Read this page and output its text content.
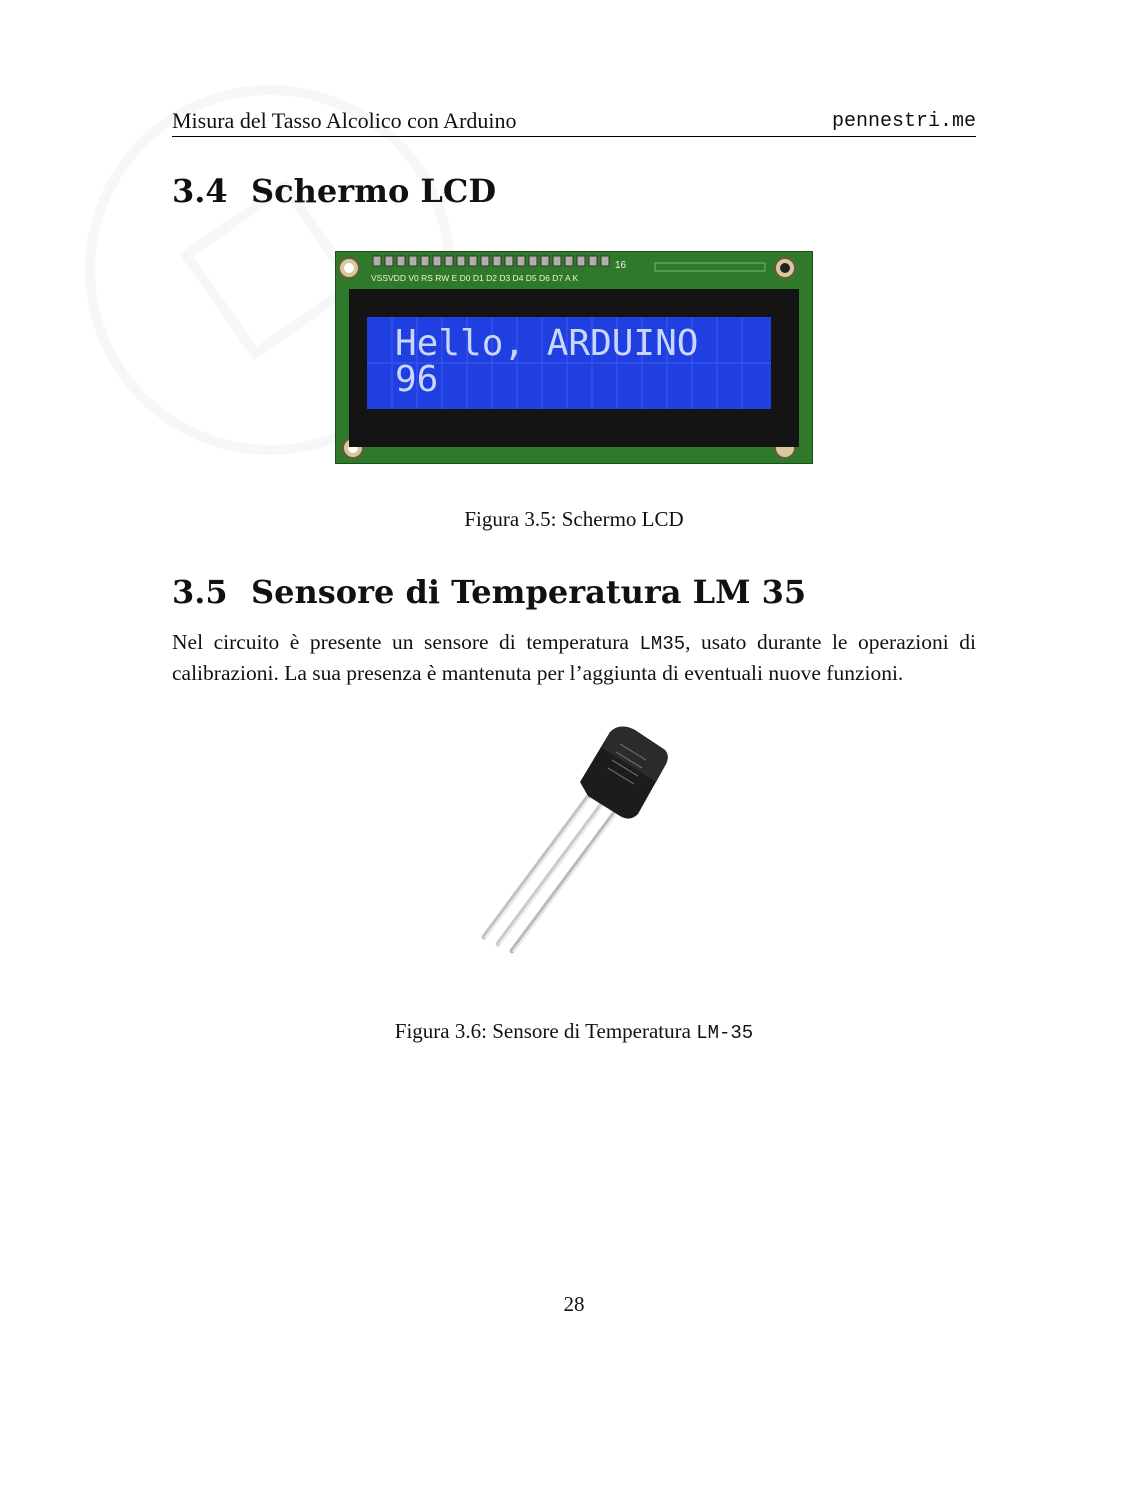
Misura del Tasso Alcolico con Arduino	pennestri.me
3.4 Schermo LCD
VSSVDD V0 RS RW E D0 D1 D2 D3 D4 D5 D6 D7 A K
16
Hello, ARDUINO
96
Figura 3.5: Schermo LCD
3.5 Sensore di Temperatura LM 35
Nel circuito è presente un sensore di temperatura LM35, usato durante le operazioni di calibrazioni. La sua presenza è mantenuta per l’aggiunta di eventuali nuove funzioni.
Figura 3.6: Sensore di Temperatura LM-35
28
